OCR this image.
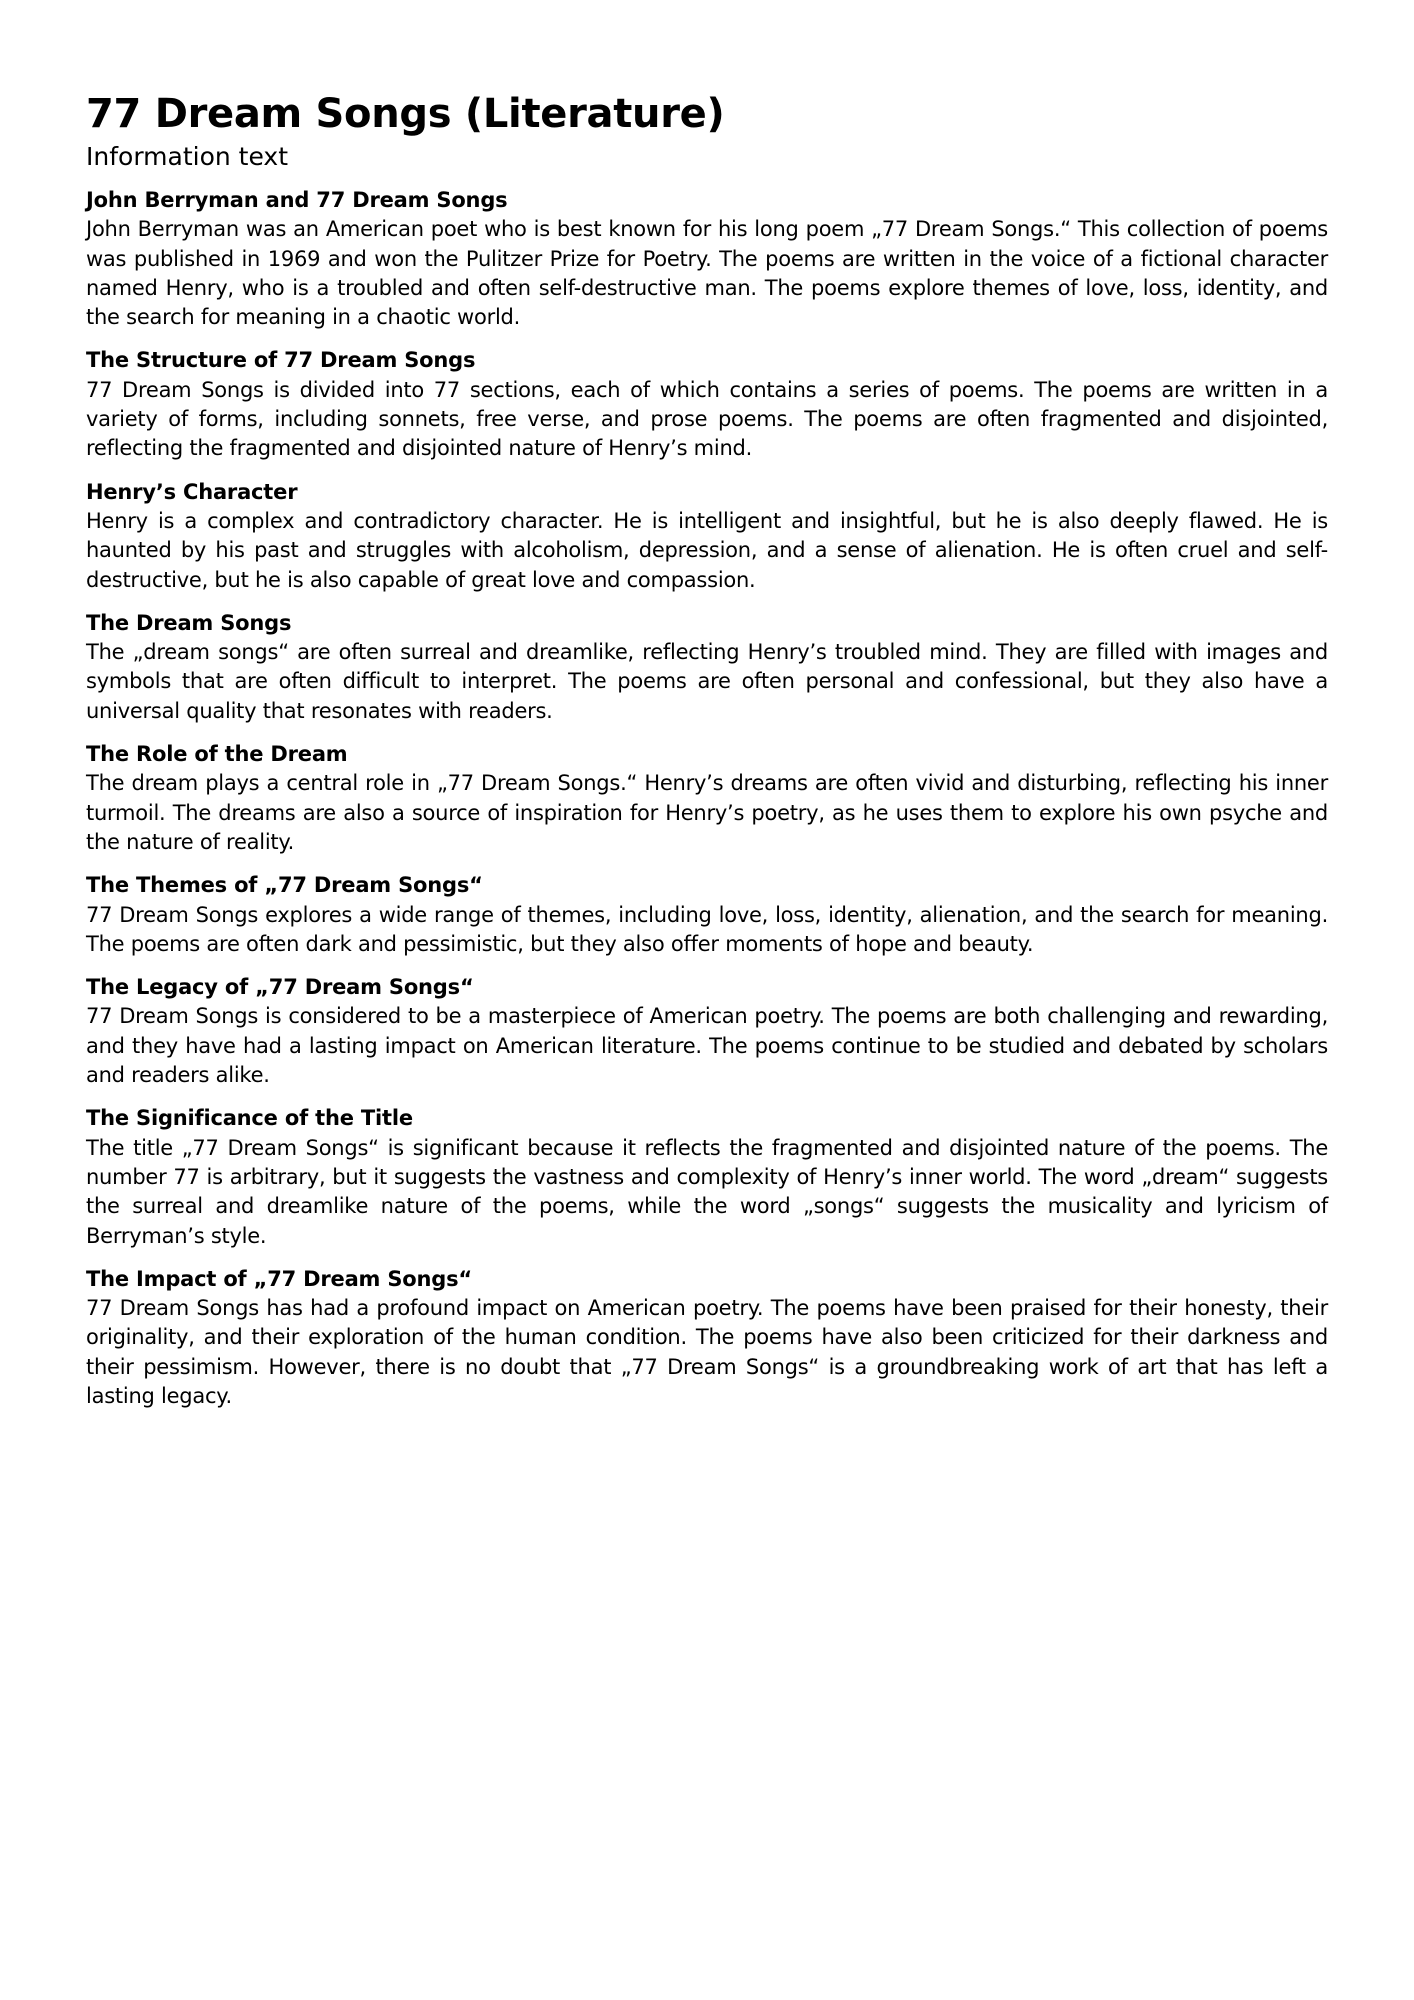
77 Dream Songs (Literature)

Information text

John Berryman and 77 Dream Songs

John Berryman was an American poet who is best known for his long poem „77 Dream Songs.“ This collection of poems was published in 1969 and won the Pulitzer Prize for Poetry. The poems are written in the voice of a fictional character named Henry, who is a troubled and often self-destructive man. The poems explore themes of love, loss, identity, and the search for meaning in a chaotic world.

The Structure of 77 Dream Songs

77 Dream Songs is divided into 77 sections, each of which contains a series of poems. The poems are written in a variety of forms, including sonnets, free verse, and prose poems. The poems are often fragmented and disjointed, reflecting the fragmented and disjointed nature of Henry’s mind.

Henry’s Character

Henry is a complex and contradictory character. He is intelligent and insightful, but he is also deeply flawed. He is haunted by his past and struggles with alcoholism, depression, and a sense of alienation. He is often cruel and self-destructive, but he is also capable of great love and compassion.

The Dream Songs

The „dream songs“ are often surreal and dreamlike, reflecting Henry’s troubled mind. They are filled with images and symbols that are often difficult to interpret. The poems are often personal and confessional, but they also have a universal quality that resonates with readers.

The Role of the Dream

The dream plays a central role in „77 Dream Songs.“ Henry’s dreams are often vivid and disturbing, reflecting his inner turmoil. The dreams are also a source of inspiration for Henry’s poetry, as he uses them to explore his own psyche and the nature of reality.

The Themes of „77 Dream Songs“

77 Dream Songs explores a wide range of themes, including love, loss, identity, alienation, and the search for meaning. The poems are often dark and pessimistic, but they also offer moments of hope and beauty.

The Legacy of „77 Dream Songs“

77 Dream Songs is considered to be a masterpiece of American poetry. The poems are both challenging and rewarding, and they have had a lasting impact on American literature. The poems continue to be studied and debated by scholars and readers alike.

The Significance of the Title

The title „77 Dream Songs“ is significant because it reflects the fragmented and disjointed nature of the poems. The number 77 is arbitrary, but it suggests the vastness and complexity of Henry’s inner world. The word „dream“ suggests the surreal and dreamlike nature of the poems, while the word „songs“ suggests the musicality and lyricism of Berryman’s style.

The Impact of „77 Dream Songs“

77 Dream Songs has had a profound impact on American poetry. The poems have been praised for their honesty, their originality, and their exploration of the human condition. The poems have also been criticized for their darkness and their pessimism. However, there is no doubt that „77 Dream Songs“ is a groundbreaking work of art that has left a lasting legacy.
